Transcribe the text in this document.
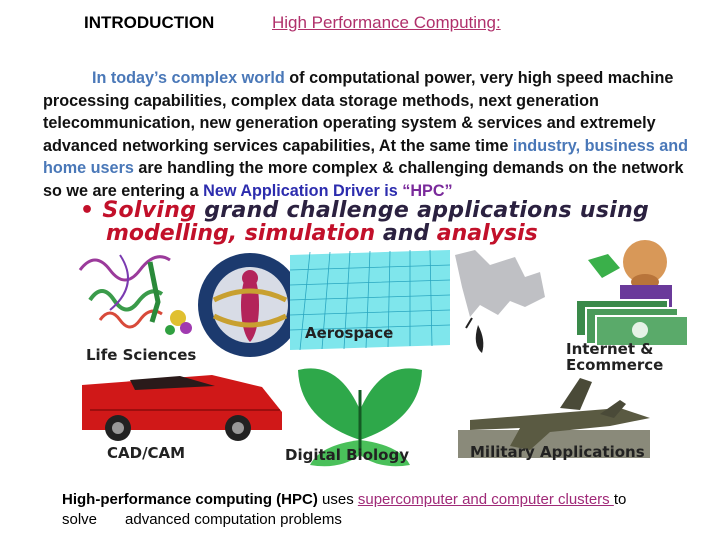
INTRODUCTION	High Performance Computing:

In today’s complex world of computational power, very high speed machine processing capabilities, complex data storage methods, next generation telecommunication, new generation operating system & services and extremely advanced networking services capabilities, At the same time industry, business and home users are handling the more complex & challenging demands on the network so we are entering a New Application Driver is “HPC”

• Solving grand challenge applications using
modelling, simulation and analysis
Life Sciences
Aerospace
Internet &
Ecommerce
CAD/CAM	Digital Biology	Military Applications
High-performance computing (HPC) uses supercomputer and computer clusters to
solve advanced computation problems
